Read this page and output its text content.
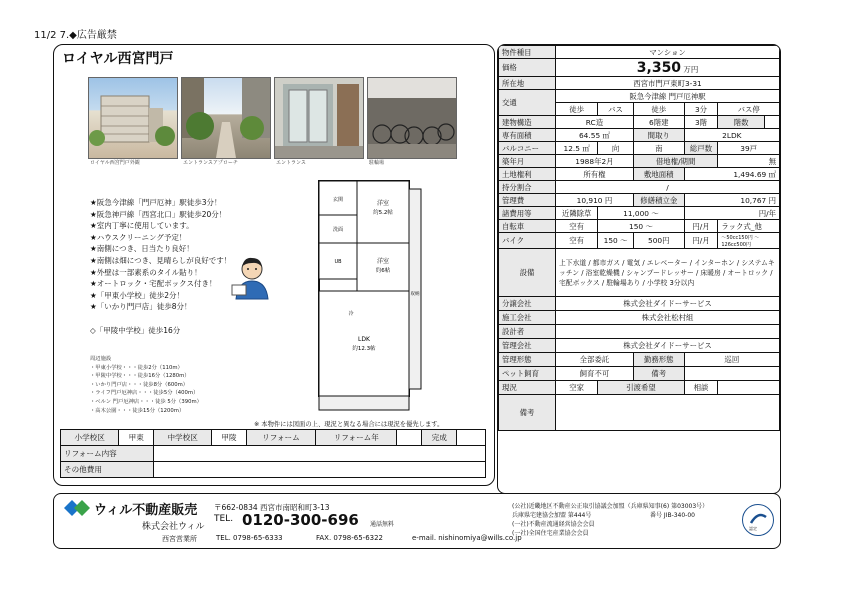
11/2 7.◆広告厳禁
ロイヤル西宮門戸
ロイヤル西宮門戸外観	エントランスアプローチ	エントランス	駐輪場
★阪急今津線「門戸厄神」駅徒歩3分！
★阪急神戸線「西宮北口」駅徒歩20分！
★室内丁寧に使用しています。
★ハウスクリーニング予定！
★南側につき、日当たり良好！
★南側は畑につき、見晴らしが良好です！
★外壁は一部素系のタイル貼り！
★オートロック・宅配ボックス付き！
★「甲東小学校」徒歩2分！
★「いかり門戸店」徒歩8分！
◇「甲陵中学校」徒歩16分
周辺施設
・甲東小学校・・・徒歩2分（110m）
・甲陵中学校・・・徒歩16分（1280m）
・いかり門戸店・・・徒歩8分（600m）
・ライフ門戸厄神店・・・徒歩5分（400m）
・ベルン 門戸厄神店・・・徒歩 5分（390m）
・高木公園・・・徒歩15分（1200m）
洋室
約5.2帖
洋室
約6帖
LDK
約12.3帖
玄関
洗面
UB
冷
収納
※ 本物件には図面の上、現況と異なる場合には現況を優先します。
小学校区	甲東	中学校区	甲陵	リフォーム	リフォーム年		完成	
リフォーム内容								
その他費用								
物件種目	マンション					
価格	3,350 万円					
所在地	西宮市門戸東町3-31					
交通	阪急今津線 門戸厄神駅					
	徒歩	バス	徒歩	3分	バス停	
建物構造	RC造		6階建	3階	階数	
専有面積	64.55 ㎡		間取り	2LDK		
バルコニー	12.5 ㎡	向	南	総戸数	39戸	
築年月	1988年2月		借地権/期間		無	
土地権利	所有権		敷地面積	1,494.69 ㎡		
持分割合	/					
管理費	10,910 円		修繕積立金	10,767 円		
諸費用等	近隣除草	11,000 ～		円/年		
自転車	空有	150 ～		円/月	ラック式_他	
バイク	空有	150 ～	500円	円/月	～50cc150円 ～126cc500円	
設備	上下水道 / 都市ガス / 電気 / エレベーター / インターホン / システムキッチン / 浴室乾燥機 / シャンプードレッサー / 床暖房 / オートロック / 宅配ボックス / 駐輪場あり / 小学校 3分以内					
分譲会社	株式会社ダイドーサービス					
施工会社	株式会社松村組					
設計者						
管理会社	株式会社ダイドーサービス					
管理形態	全部委託		勤務形態	巡回		
ペット飼育	飼育不可		備考			
現況	空家	引渡希望		相談		
備考						
ウィル不動産販売
株式会社ウィル
西宮営業所
〒662-0834 西宮市南昭和町3-13
TEL. 0120-300-696 通話無料
TEL. 0798-65-6333	FAX. 0798-65-6322	e-mail. nishinomiya@wills.co.jp
(公社)近畿地区不動産公正取引協議会加盟（兵庫県知事(6) 第03003号）
兵庫県宅建協会加盟 第444号
(一社)不動産流通経営協会会員
(一社)全国住宅産業協会会員
番号 JIB-340-00
認定
